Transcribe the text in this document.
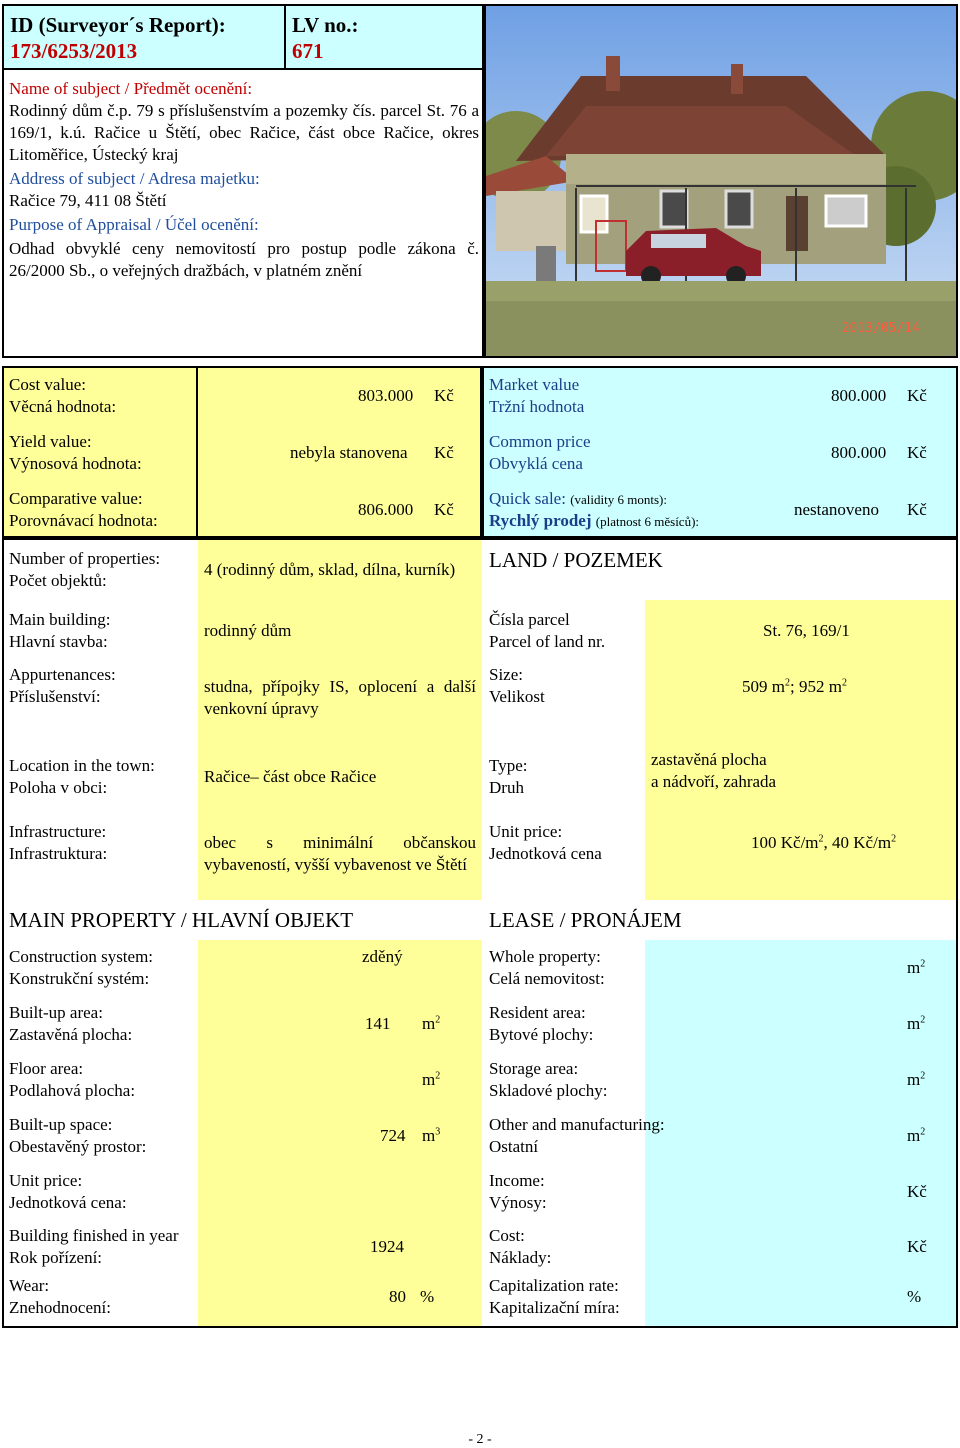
ID (Surveyor´s Report):
173/6253/2013
LV no.:
671
Name of subject / Předmět ocenění:
Rodinný dům č.p. 79 s příslušenstvím a pozemky čís. parcel St. 76 a 169/1, k.ú. Račice u Štětí, obec Račice, část obce Račice, okres Litoměřice, Ústecký kraj
Address of subject / Adresa majetku:
Račice 79, 411 08 Štětí
Purpose of Appraisal / Účel ocenění:
Odhad obvyklé ceny nemovitostí pro postup podle zákona č. 26/2000 Sb., o veřejných dražbách, v platném znění
2013/05/14
Cost value:
Věcná hodnota:
803.000 Kč
Yield value:
Výnosová hodnota:
nebyla stanovena Kč
Comparative value:
Porovnávací hodnota:
806.000 Kč
Market value
Tržní hodnota
800.000 Kč
Common price
Obvyklá cena
800.000 Kč
Quick sale: (validity 6 monts):
Rychlý prodej (platnost 6 měsíců):
nestanoveno Kč
Number of properties:
Počet objektů:
4 (rodinný dům, sklad, dílna, kurník)
Main building:
Hlavní stavba:
rodinný dům
Appurtenances:
Příslušenství:
studna, přípojky IS, oplocení a další venkovní úpravy
LAND / POZEMEK
Čísla parcel
Parcel of land nr.
St. 76, 169/1
Size:
Velikost
509 $m^2$; 952 $m^2$
Location in the town:
Poloha v obci:
Račice– část obce Račice
Type:
Druh
zastavěná plocha
a nádvoří, zahrada
Infrastructure:
Infrastruktura:
obec s minimální občanskou vybaveností, vyšší vybavenost ve Štětí
Unit price:
Jednotková cena
100 $Kč/m^2$, 40 $Kč/m^2$
MAIN PROPERTY / HLAVNÍ OBJEKT	LEASE / PRONÁJEM
Construction system:
Konstrukční systém:
zděný
Built-up area:
Zastavěná plocha:
141 $m^2$
Floor area:
Podlahová plocha:
$m^2$
Built-up space:
Obestavěný prostor:
724 $m^3$
Unit price:
Jednotková cena:
Building finished in year
Rok pořízení:
1924
Wear:
Znehodnocení:
80 %
Whole property:
Celá nemovitost:
$m^2$
Resident area:
Bytové plochy:
$m^2$
Storage area:
Skladové plochy:
$m^2$
Other and manufacturing:
Ostatní
$m^2$
Income:
Výnosy:
Kč
Cost:
Náklady:
Kč
Capitalization rate:
Kapitalizační míra:
%
- 2 -
